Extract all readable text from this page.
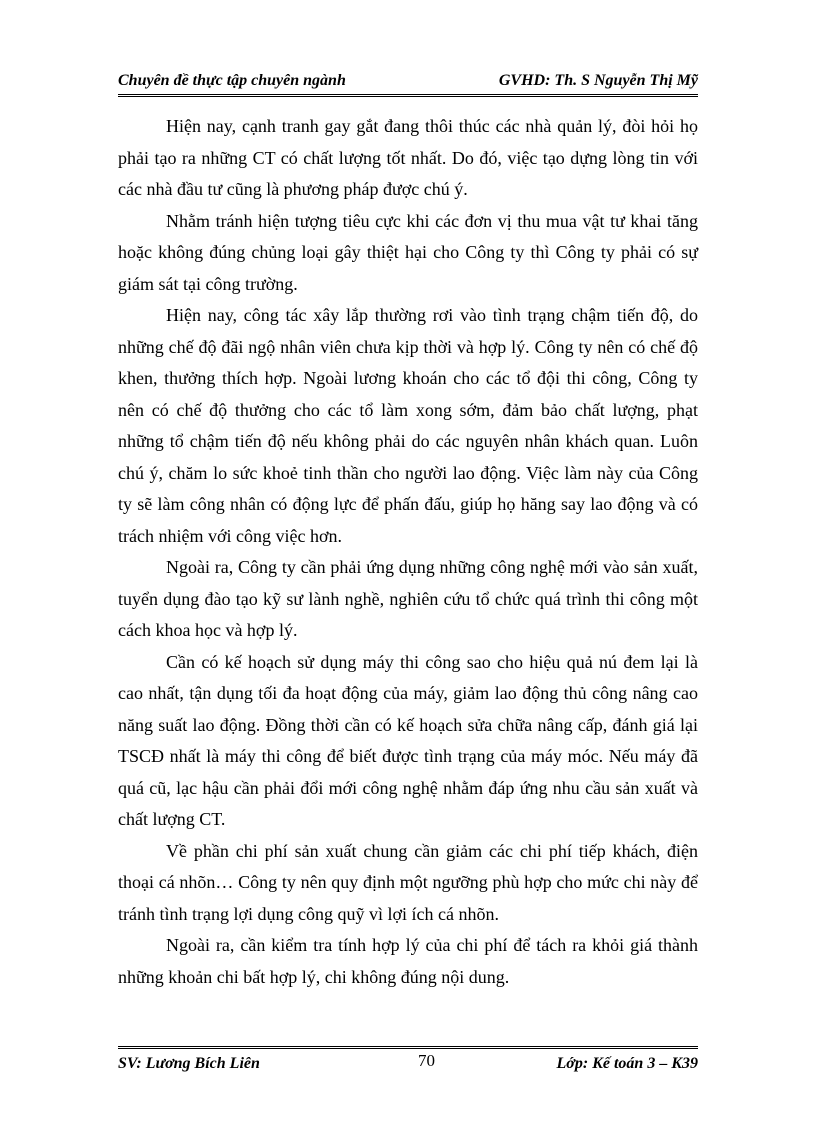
Chuyên đề thực tập chuyên ngành	GVHD: Th. S Nguyễn Thị Mỹ

Hiện nay, cạnh tranh gay gắt đang thôi thúc các nhà quản lý, đòi hỏi họ phải tạo ra những CT có chất lượng tốt nhất. Do đó, việc tạo dựng lòng tin với các nhà đầu tư cũng là phương pháp được chú ý.

Nhằm tránh hiện tượng tiêu cực khi các đơn vị thu mua vật tư khai tăng hoặc không đúng chủng loại gây thiệt hại cho Công ty thì Công ty phải có sự giám sát tại công trường.

Hiện nay, công tác xây lắp thường rơi vào tình trạng chậm tiến độ, do những chế độ đãi ngộ nhân viên chưa kịp thời và hợp lý. Công ty nên có chế độ khen, thưởng thích hợp. Ngoài lương khoán cho các tổ đội thi công, Công ty nên có chế độ thưởng cho các tổ làm xong sớm, đảm bảo chất lượng, phạt những tổ chậm tiến độ nếu không phải do các nguyên nhân khách quan. Luôn chú ý, chăm lo sức khoẻ tinh thần cho người lao động. Việc làm này của Công ty sẽ làm công nhân có động lực để phấn đấu, giúp họ hăng say lao động và có trách nhiệm với công việc hơn.

Ngoài ra, Công ty cần phải ứng dụng những công nghệ mới vào sản xuất, tuyển dụng đào tạo kỹ sư lành nghề, nghiên cứu tổ chức quá trình thi công một cách khoa học và hợp lý.

Cần có kế hoạch sử dụng máy thi công sao cho hiệu quả nú đem lại là cao nhất, tận dụng tối đa hoạt động của máy, giảm lao động thủ công nâng cao năng suất lao động. Đồng thời cần có kế hoạch sửa chữa nâng cấp, đánh giá lại TSCĐ nhất là máy thi công để biết được tình trạng của máy móc. Nếu máy đã quá cũ, lạc hậu cần phải đổi mới công nghệ nhằm đáp ứng nhu cầu sản xuất và chất lượng CT.

Về phần chi phí sản xuất chung cần giảm các chi phí tiếp khách, điện thoại cá nhõn… Công ty nên quy định một ngưỡng phù hợp cho mức chi này để tránh tình trạng lợi dụng công quỹ vì lợi ích cá nhõn.

Ngoài ra, cần kiểm tra tính hợp lý của chi phí để tách ra khỏi giá thành những khoản chi bất hợp lý, chi không đúng nội dung.

SV: Lương Bích Liên	70	Lớp: Kế toán 3 – K39
